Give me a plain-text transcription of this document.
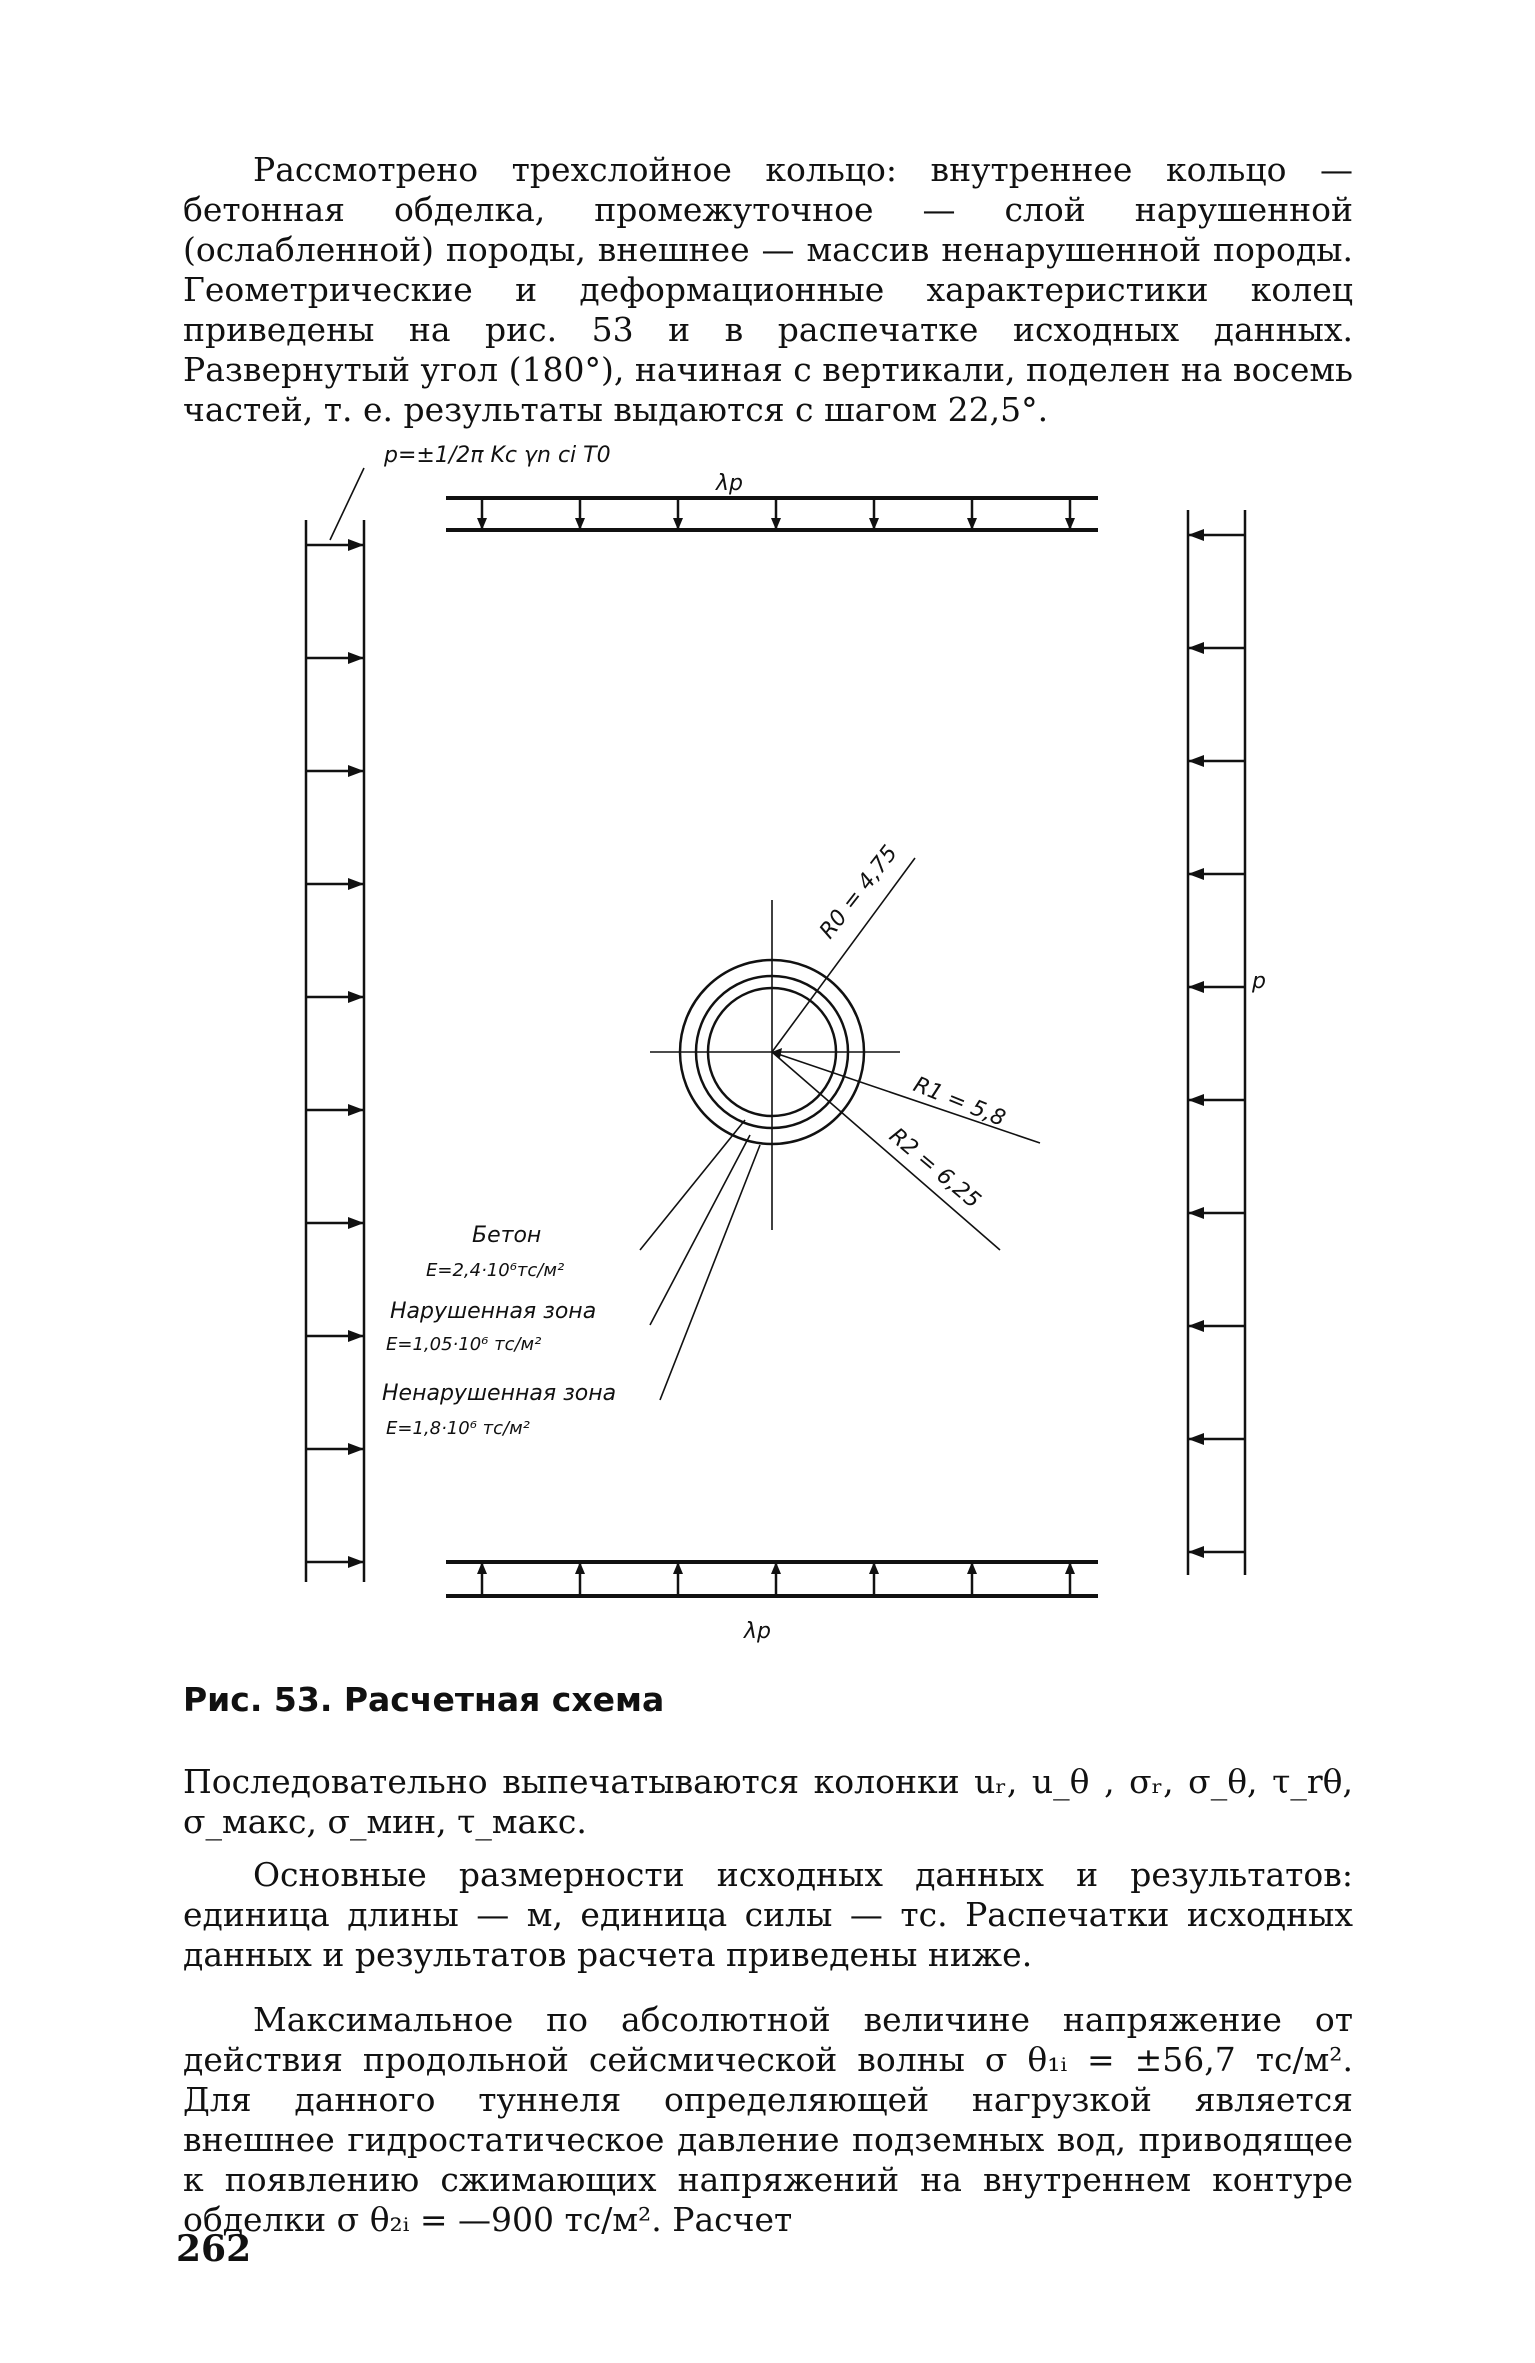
Рассмотрено трехслойное кольцо: внутреннее кольцо — бетонная обделка, промежуточное — слой нарушенной (ослабленной) породы, внешнее — массив ненарушенной породы. Геометрические и деформационные характеристики колец приведены на рис. 53 и в распечатке исходных данных. Развернутый угол (180°), начиная с вертикали, поделен на восемь частей, т. е. результаты выдаются с шагом 22,5°.

p=±1/2π Kc γn ci T0
λp
λp
p
R0 = 4,75
R1 = 5,8
R2 = 6,25
Бетон
E=2,4·10⁶тс/м²
Нарушенная зона
E=1,05·10⁶ тс/м²
Ненарушенная зона
E=1,8·10⁶ тс/м²

Рис. 53. Расчетная схема

Последовательно выпечатываются колонки uᵣ, u_θ , σᵣ, σ_θ, τ_rθ, σ_макс, σ_мин, τ_макс.

Основные размерности исходных данных и результатов: единица длины — м, единица силы — тс. Распечатки исходных данных и результатов расчета приведены ниже.

Максимальное по абсолютной величине напряжение от действия продольной сейсмической волны σ θ₁ᵢ = ±56,7 тс/м². Для данного туннеля определяющей нагрузкой является внешнее гидростатическое давление подземных вод, приводящее к появлению сжимающих напряжений на внутреннем контуре обделки σ θ₂ᵢ = —900 тс/м². Расчет

262
